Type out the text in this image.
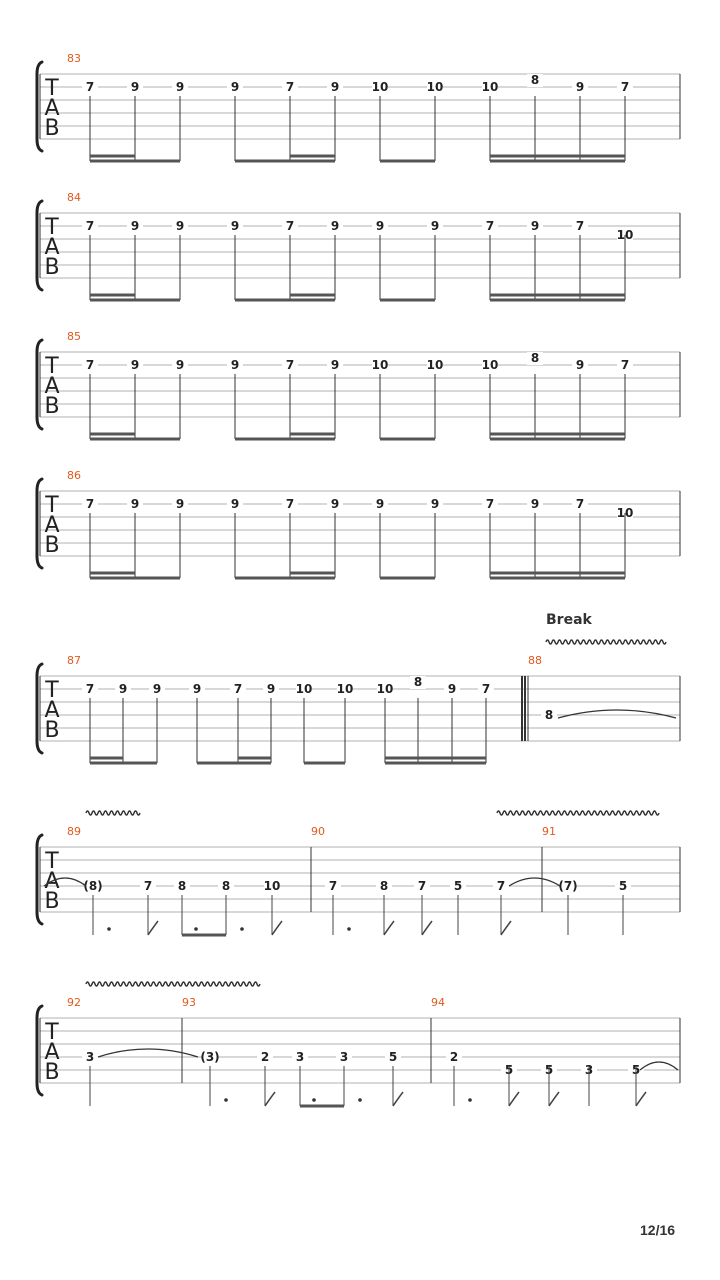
T
A
B
83
7	9	9	9	7	9	10	10	10	8	9	7
T
A
B
84
7	9	9	9	7	9	9	9	7	9	7
10
T
A
B
85
7	9	9	9	7	9	10	10	10	8	9	7
T
A
B
86
7	9	9	9	7	9	9	9	7	9	7
10
T
A
B
87
7 9 9	9	7 9 10 10 10 8 9 7
88
8
T
A
B
89
(8)	7 8	8	10
90
7	8 7 5	7
91
(7)	5
T
A
B
92
3
93
(3)	2 3	3	5
94
2
5	5	3	5
Break
12/16
